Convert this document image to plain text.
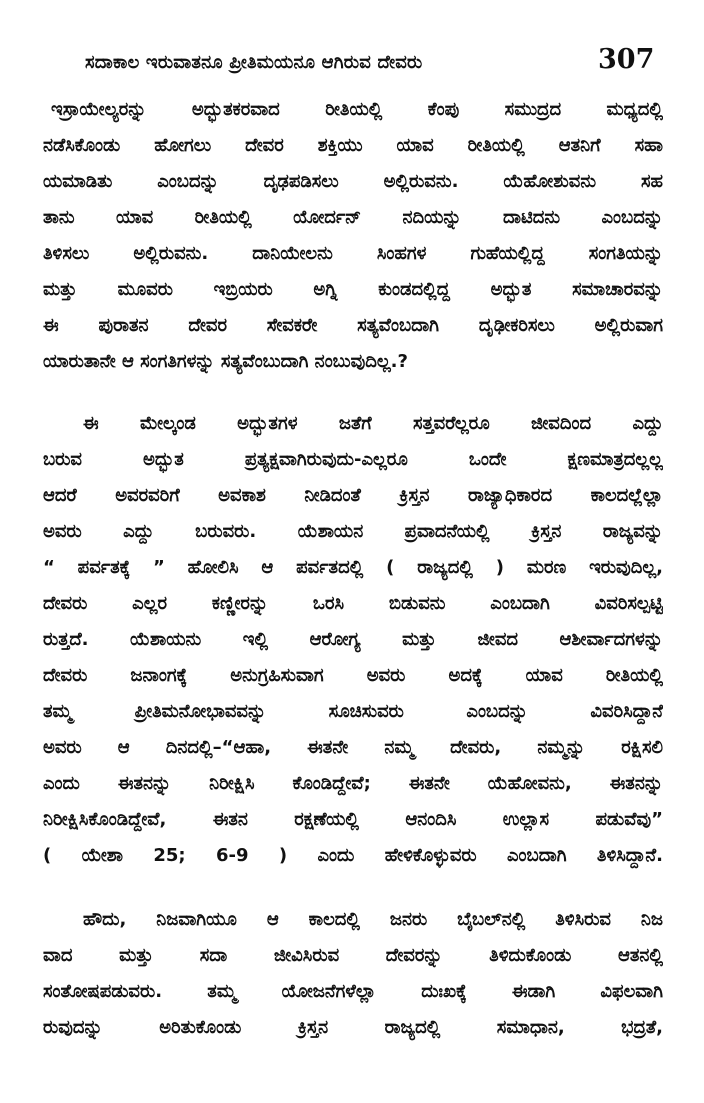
ಸದಾಕಾಲ ಇರುವಾತನೂ ಪ್ರೀತಿಮಯನೂ ಆಗಿರುವ ದೇವರು	307
ಇಸ್ರಾಯೇಲ್ಯರನ್ನು ಅದ್ಭುತಕರವಾದ ರೀತಿಯಲ್ಲಿ ಕೆಂಪು ಸಮುದ್ರದ ಮಧ್ಯದಲ್ಲಿ
ನಡೆಸಿಕೊಂಡು ಹೋಗಲು ದೇವರ ಶಕ್ತಿಯು ಯಾವ ರೀತಿಯಲ್ಲಿ ಆತನಿಗೆ ಸಹಾ
ಯಮಾಡಿತು ಎಂಬದನ್ನು ದೃಢಪಡಿಸಲು ಅಲ್ಲಿರುವನು. ಯೆಹೋಶುವನು ಸಹ
ತಾನು ಯಾವ ರೀತಿಯಲ್ಲಿ ಯೋರ್ದನ್ ನದಿಯನ್ನು ದಾಟಿದನು ಎಂಬದನ್ನು
ತಿಳಿಸಲು ಅಲ್ಲಿರುವನು. ದಾನಿಯೇಲನು ಸಿಂಹಗಳ ಗುಹೆಯಲ್ಲಿದ್ದ ಸಂಗತಿಯನ್ನು
ಮತ್ತು ಮೂವರು ಇಬ್ರಿಯರು ಅಗ್ನಿ ಕುಂಡದಲ್ಲಿದ್ದ ಅದ್ಭುತ ಸಮಾಚಾರವನ್ನು
ಈ ಪುರಾತನ ದೇವರ ಸೇವಕರೇ ಸತ್ಯವೆಂಬದಾಗಿ ದೃಢೀಕರಿಸಲು ಅಲ್ಲಿರುವಾಗ
ಯಾರುತಾನೇ ಆ ಸಂಗತಿಗಳನ್ನು ಸತ್ಯವೆಂಬುದಾಗಿ ನಂಬುವುದಿಲ್ಲ.?
ಈ ಮೇಲ್ಕಂಡ ಅದ್ಭುತಗಳ ಜತೆಗೆ ಸತ್ತವರೆಲ್ಲರೂ ಜೀವದಿಂದ ಎದ್ದು
ಬರುವ ಅದ್ಭುತ ಪ್ರತ್ಯಕ್ಷವಾಗಿರುವುದು-ಎಲ್ಲರೂ ಒಂದೇ ಕ್ಷಣಮಾತ್ರದಲ್ಲಲ್ಲ
ಆದರೆ ಅವರವರಿಗೆ ಅವಕಾಶ ನೀಡಿದಂತೆ ಕ್ರಿಸ್ತನ ರಾಜ್ಯಾಧಿಕಾರದ ಕಾಲದಲ್ಲೆಲ್ಲಾ
ಅವರು ಎದ್ದು ಬರುವರು. ಯೆಶಾಯನ ಪ್ರವಾದನೆಯಲ್ಲಿ ಕ್ರಿಸ್ತನ ರಾಜ್ಯವನ್ನು
“ ಪರ್ವತಕ್ಕೆ ” ಹೋಲಿಸಿ ಆ ಪರ್ವತದಲ್ಲಿ ( ರಾಜ್ಯದಲ್ಲಿ ) ಮರಣ ಇರುವುದಿಲ್ಲ,
ದೇವರು ಎಲ್ಲರ ಕಣ್ಣೀರನ್ನು ಒರಸಿ ಬಿಡುವನು ಎಂಬದಾಗಿ ವಿವರಿಸಲ್ಪಟ್ಟಿ
ರುತ್ತದೆ. ಯೆಶಾಯನು ಇಲ್ಲಿ ಆರೋಗ್ಯ ಮತ್ತು ಜೀವದ ಆಶೀರ್ವಾದಗಳನ್ನು
ದೇವರು ಜನಾಂಗಕ್ಕೆ ಅನುಗ್ರಹಿಸುವಾಗ ಅವರು ಅದಕ್ಕೆ ಯಾವ ರೀತಿಯಲ್ಲಿ
ತಮ್ಮ ಪ್ರೀತಿಮನೋಭಾವವನ್ನು ಸೂಚಿಸುವರು ಎಂಬದನ್ನು ವಿವರಿಸಿದ್ದಾನೆ
ಅವರು ಆ ದಿನದಲ್ಲಿ–“ಆಹಾ, ಈತನೇ ನಮ್ಮ ದೇವರು, ನಮ್ಮನ್ನು ರಕ್ಷಿಸಲಿ
ಎಂದು ಈತನನ್ನು ನಿರೀಕ್ಷಿಸಿ ಕೊಂಡಿದ್ದೇವೆ; ಈತನೇ ಯೆಹೋವನು, ಈತನನ್ನು
ನಿರೀಕ್ಷಿಸಿಕೊಂಡಿದ್ದೇವೆ, ಈತನ ರಕ್ಷಣೆಯಲ್ಲಿ ಆನಂದಿಸಿ ಉಲ್ಲಾಸ ಪಡುವೆವು”
( ಯೇಶಾ 25; 6-9 ) ಎಂದು ಹೇಳಿಕೊಳ್ಳುವರು ಎಂಬದಾಗಿ ತಿಳಿಸಿದ್ದಾನೆ.
ಹೌದು, ನಿಜವಾಗಿಯೂ ಆ ಕಾಲದಲ್ಲಿ ಜನರು ಬೈಬಲ್‌ನಲ್ಲಿ ತಿಳಿಸಿರುವ ನಿಜ
ವಾದ ಮತ್ತು ಸದಾ ಜೀವಿಸಿರುವ ದೇವರನ್ನು ತಿಳಿದುಕೊಂಡು ಆತನಲ್ಲಿ
ಸಂತೋಷಪಡುವರು. ತಮ್ಮ ಯೋಜನೆಗಳೆಲ್ಲಾ ದುಃಖಕ್ಕೆ ಈಡಾಗಿ ವಿಫಲವಾಗಿ
ರುವುದನ್ನು ಅರಿತುಕೊಂಡು ಕ್ರಿಸ್ತನ ರಾಜ್ಯದಲ್ಲಿ ಸಮಾಧಾನ, ಭದ್ರತೆ,
